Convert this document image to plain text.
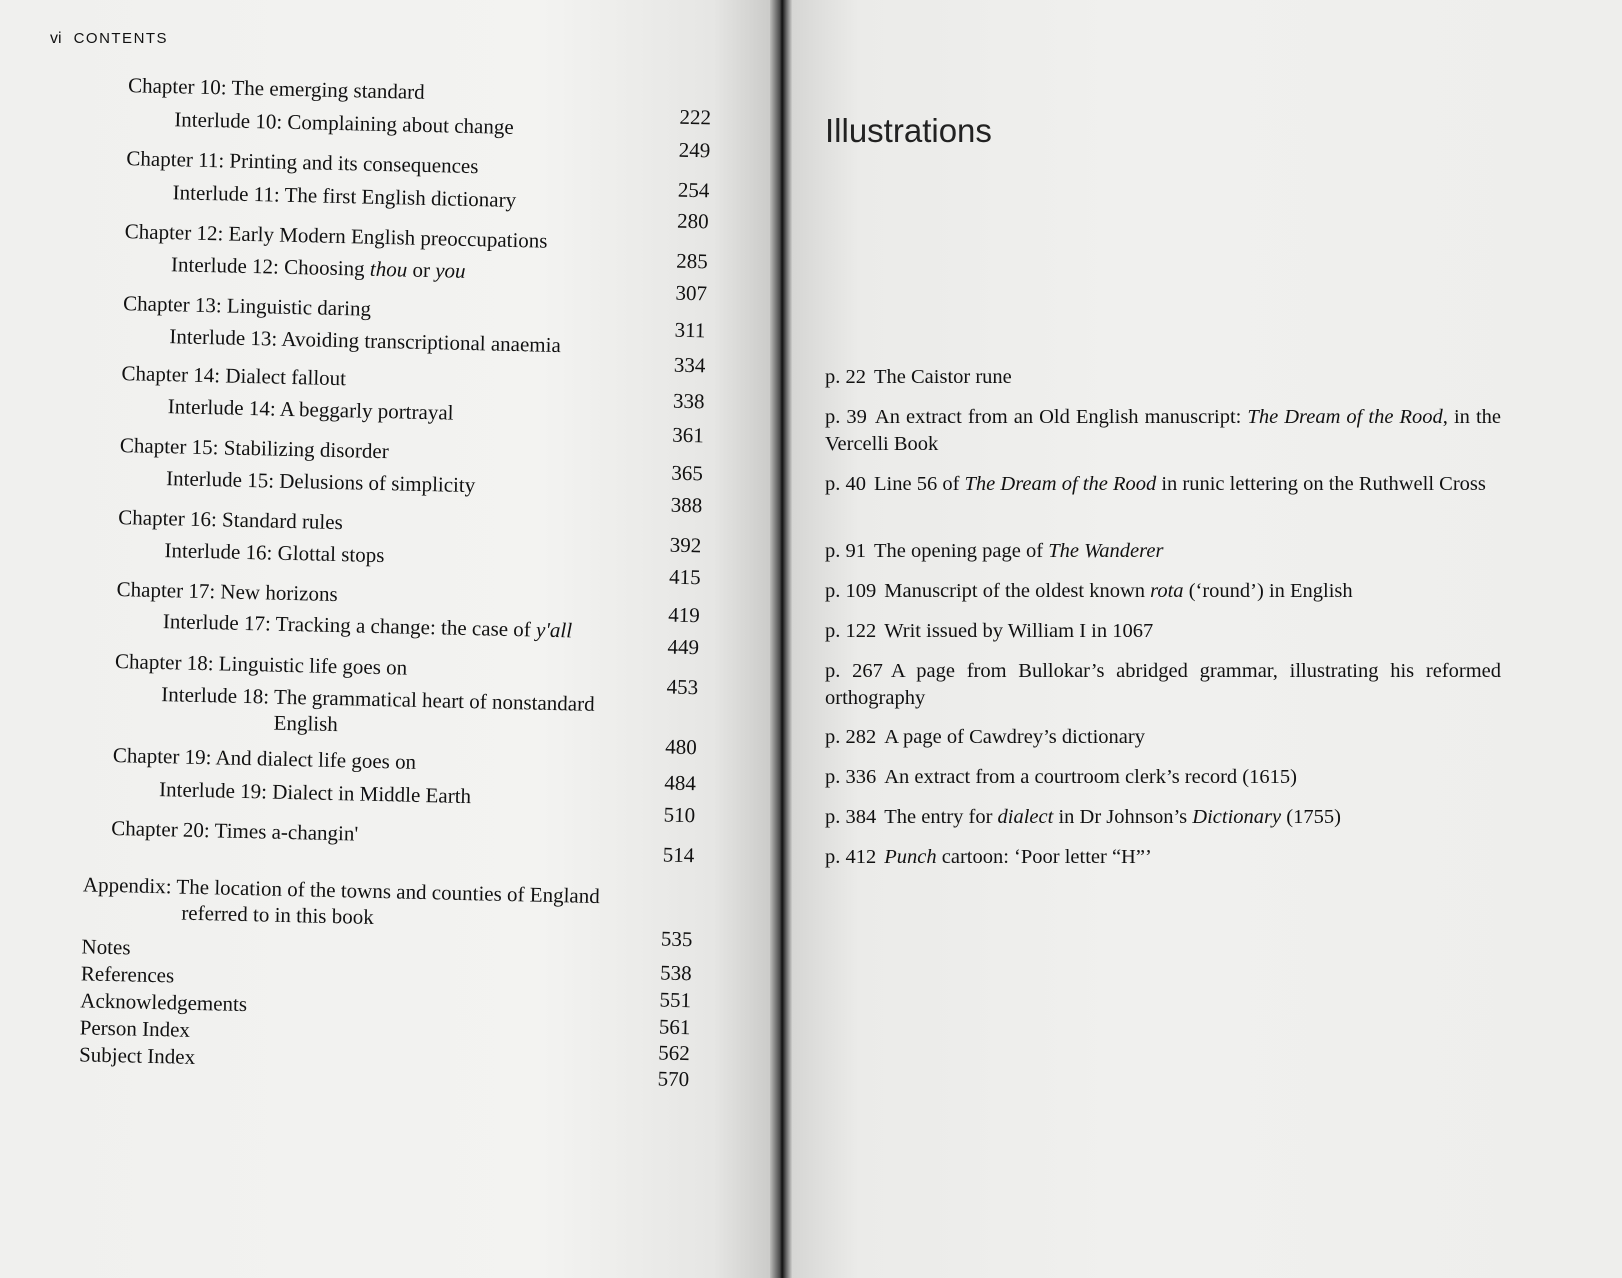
vi CONTENTS
Chapter 10: The emerging standard
222
Interlude 10: Complaining about change
249
Chapter 11: Printing and its consequences
254
Interlude 11: The first English dictionary
280
Chapter 12: Early Modern English preoccupations
285
Interlude 12: Choosing thou or you
307
Chapter 13: Linguistic daring
311
Interlude 13: Avoiding transcriptional anaemia
334
Chapter 14: Dialect fallout
338
Interlude 14: A beggarly portrayal
361
Chapter 15: Stabilizing disorder
365
Interlude 15: Delusions of simplicity
388
Chapter 16: Standard rules
392
Interlude 16: Glottal stops
415
Chapter 17: New horizons
419
Interlude 17: Tracking a change: the case of y'all
449
Chapter 18: Linguistic life goes on
453
Interlude 18: The grammatical heart of nonstandard
English
480
Chapter 19: And dialect life goes on
484
Interlude 19: Dialect in Middle Earth
510
Chapter 20: Times a-changin'
514
Appendix: The location of the towns and counties of England
referred to in this book
535
Notes
538
References
551
Acknowledgements
561
Person Index
562
Subject Index
570
Illustrations
p. 22 The Caistor rune
p. 39 An extract from an Old English manuscript: The Dream of the Rood, in the Vercelli Book
p. 40 Line 56 of The Dream of the Rood in runic lettering on the Ruthwell Cross
p. 91 The opening page of The Wanderer
p. 109 Manuscript of the oldest known rota (‘round’) in English
p. 122 Writ issued by William I in 1067
p. 267 A page from Bullokar’s abridged grammar, illustrating his reformed orthography
p. 282 A page of Cawdrey’s dictionary
p. 336 An extract from a courtroom clerk’s record (1615)
p. 384 The entry for dialect in Dr Johnson’s Dictionary (1755)
p. 412 Punch cartoon: ‘Poor letter “H”’
